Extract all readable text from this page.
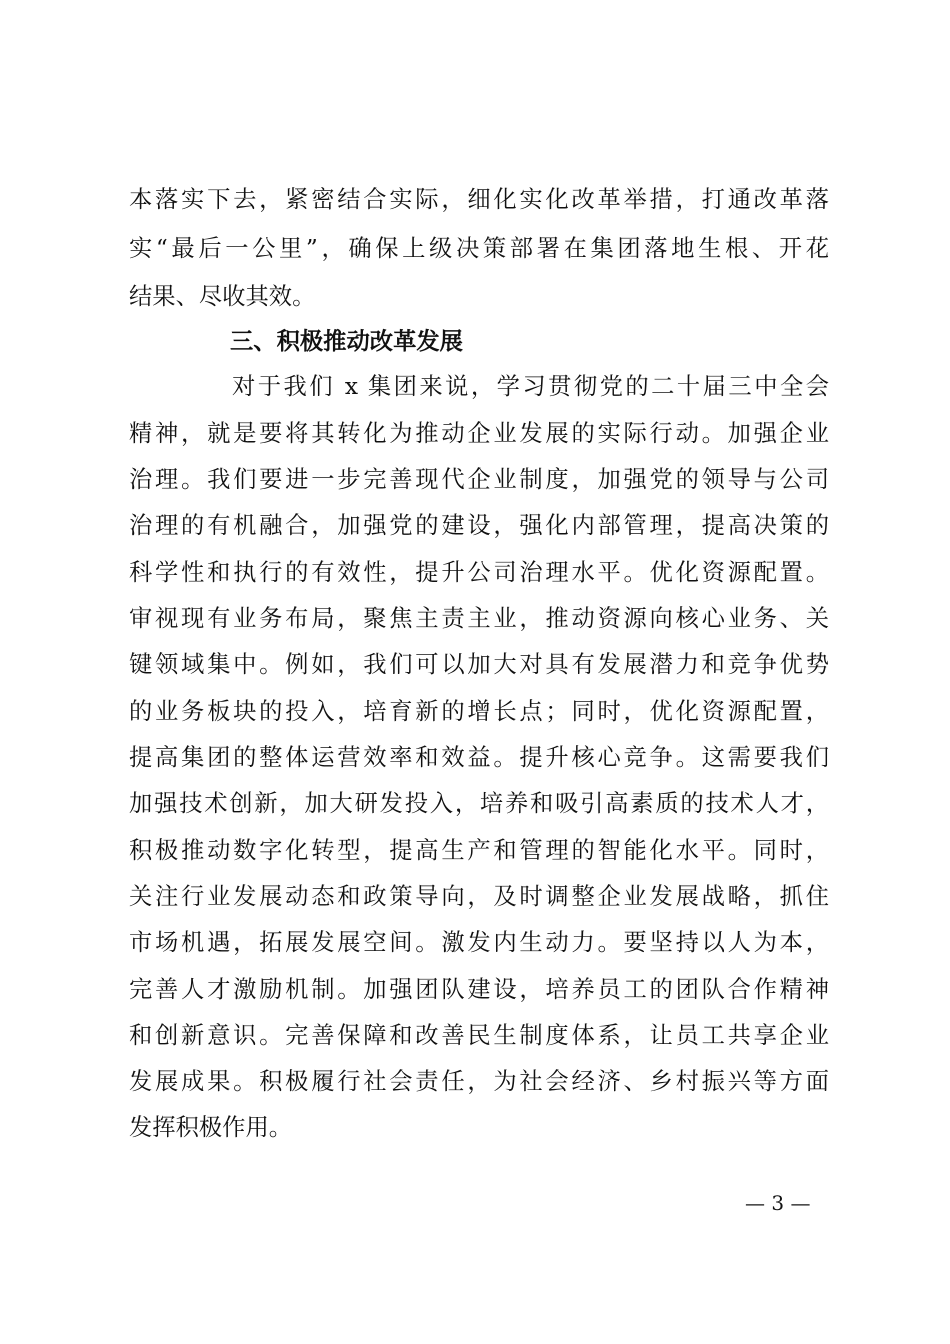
本落实下去，紧密结合实际，细化实化改革举措，打通改革落
实“最后一公里”，确保上级决策部署在集团落地生根、开花
结果、尽收其效。
三、积极推动改革发展
对于我们 x 集团来说，学习贯彻党的二十届三中全会
精神，就是要将其转化为推动企业发展的实际行动。加强企业
治理。我们要进一步完善现代企业制度，加强党的领导与公司
治理的有机融合，加强党的建设，强化内部管理，提高决策的
科学性和执行的有效性，提升公司治理水平。优化资源配置。
审视现有业务布局，聚焦主责主业，推动资源向核心业务、关
键领域集中。例如，我们可以加大对具有发展潜力和竞争优势
的业务板块的投入，培育新的增长点；同时，优化资源配置，
提高集团的整体运营效率和效益。提升核心竞争。这需要我们
加强技术创新，加大研发投入，培养和吸引高素质的技术人才，
积极推动数字化转型，提高生产和管理的智能化水平。同时，
关注行业发展动态和政策导向，及时调整企业发展战略，抓住
市场机遇，拓展发展空间。激发内生动力。要坚持以人为本，
完善人才激励机制。加强团队建设，培养员工的团队合作精神
和创新意识。完善保障和改善民生制度体系，让员工共享企业
发展成果。积极履行社会责任，为社会经济、乡村振兴等方面
发挥积极作用。
— 3 —
